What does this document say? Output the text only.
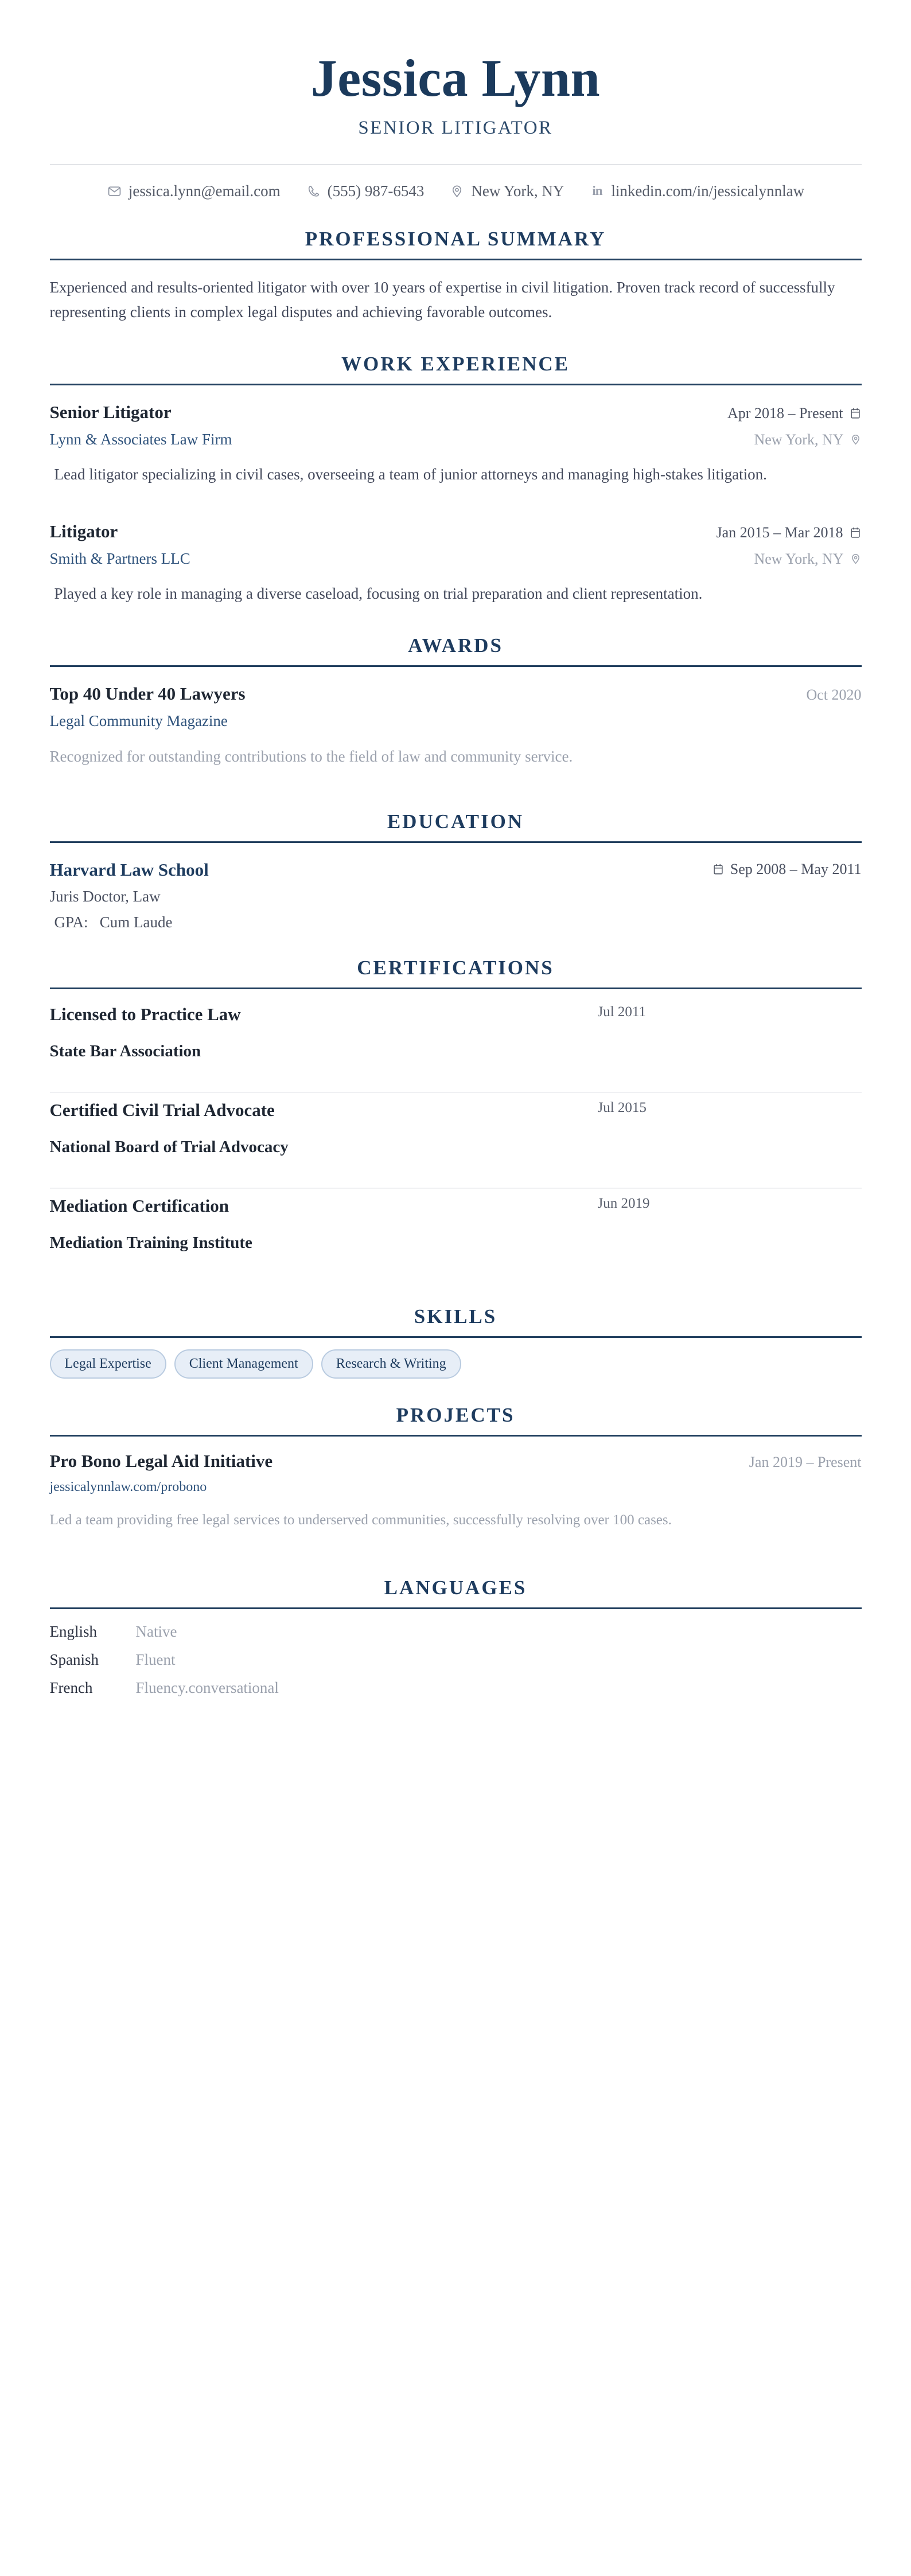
Jessica Lynn
SENIOR LITIGATOR
jessica.lynn@email.com	(555) 987-6543	New York, NY in linkedin.com/in/jessicalynnlaw
PROFESSIONAL SUMMARY

Experienced and results-oriented litigator with over 10 years of expertise in civil litigation. Proven track record of successfully representing clients in complex legal disputes and achieving favorable outcomes.

WORK EXPERIENCE
Senior Litigator	Apr 2018 – Present
Lynn & Associates Law Firm	New York, NY
Lead litigator specializing in civil cases, overseeing a team of junior attorneys and managing high-stakes litigation.
Litigator	Jan 2015 – Mar 2018
Smith & Partners LLC	New York, NY
Played a key role in managing a diverse caseload, focusing on trial preparation and client representation.
AWARDS
Top 40 Under 40 Lawyers	Oct 2020
Legal Community Magazine
Recognized for outstanding contributions to the field of law and community service.
EDUCATION
Harvard Law School	Sep 2008 – May 2011
Juris Doctor, Law
GPA: Cum Laude
CERTIFICATIONS
Licensed to Practice Law	Jul 2011
State Bar Association
Certified Civil Trial Advocate	Jul 2015
National Board of Trial Advocacy
Mediation Certification	Jun 2019
Mediation Training Institute
SKILLS
Legal Expertise	Client Management	Research & Writing
PROJECTS
Pro Bono Legal Aid Initiative	Jan 2019 – Present
jessicalynnlaw.com/probono
Led a team providing free legal services to underserved communities, successfully resolving over 100 cases.
LANGUAGES
English	Native
Spanish	Fluent
French	Fluency.conversational
